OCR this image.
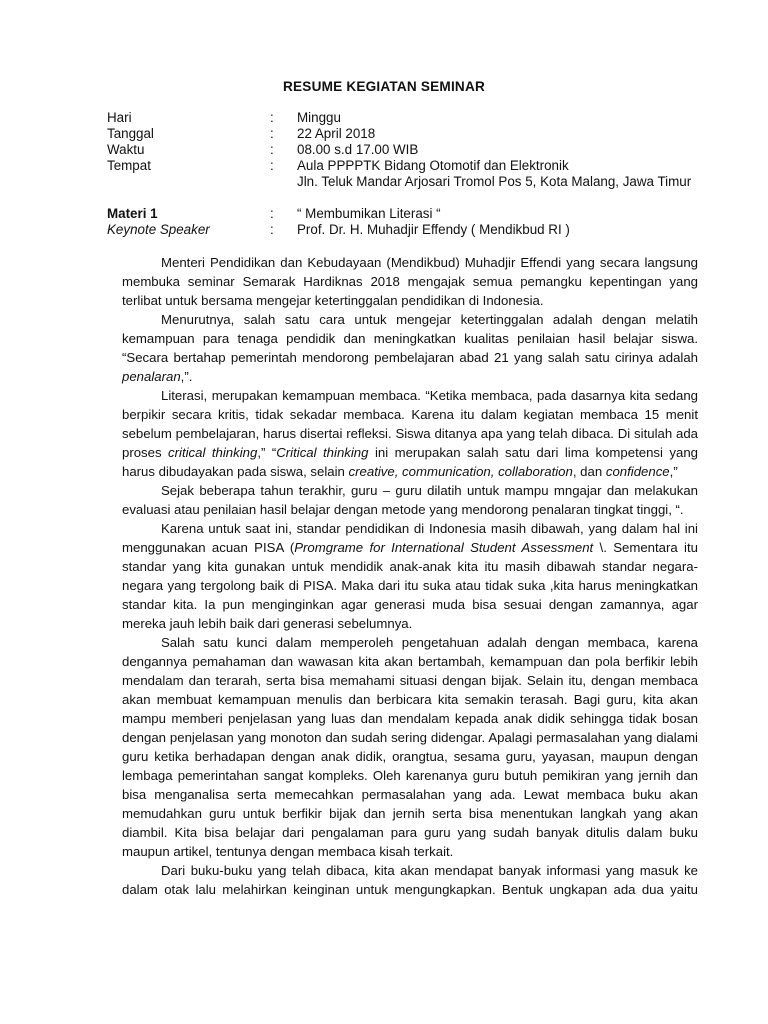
RESUME KEGIATAN SEMINAR
Hari	: Minggu
Tanggal	: 22 April 2018
Waktu	: 08.00 s.d 17.00 WIB
Tempat	: Aula PPPPTK Bidang Otomotif dan Elektronik
Jln. Teluk Mandar Arjosari Tromol Pos 5, Kota Malang, Jawa Timur
Materi 1	: “ Membumikan Literasi “
Keynote Speaker	: Prof. Dr. H. Muhadjir Effendy ( Mendikbud RI )

Menteri Pendidikan dan Kebudayaan (Mendikbud) Muhadjir Effendi yang secara langsung membuka seminar Semarak Hardiknas 2018 mengajak semua pemangku kepentingan yang terlibat untuk bersama mengejar ketertinggalan pendidikan di Indonesia.

Menurutnya, salah satu cara untuk mengejar ketertinggalan adalah dengan melatih kemampuan para tenaga pendidik dan meningkatkan kualitas penilaian hasil belajar siswa. “Secara bertahap pemerintah mendorong pembelajaran abad 21 yang salah satu cirinya adalah penalaran,”.

Literasi, merupakan kemampuan membaca. “Ketika membaca, pada dasarnya kita sedang berpikir secara kritis, tidak sekadar membaca. Karena itu dalam kegiatan membaca 15 menit sebelum pembelajaran, harus disertai refleksi. Siswa ditanya apa yang telah dibaca. Di situlah ada proses critical thinking,” “Critical thinking ini merupakan salah satu dari lima kompetensi yang harus dibudayakan pada siswa, selain creative, communication, collaboration, dan confidence,”

Sejak beberapa tahun terakhir, guru – guru dilatih untuk mampu mngajar dan melakukan evaluasi atau penilaian hasil belajar dengan metode yang mendorong penalaran tingkat tinggi, “.

Karena untuk saat ini, standar pendidikan di Indonesia masih dibawah, yang dalam hal ini menggunakan acuan PISA (Promgrame for International Student Assessment \. Sementara itu standar yang kita gunakan untuk mendidik anak-anak kita itu masih dibawah standar negara-negara yang tergolong baik di PISA. Maka dari itu suka atau tidak suka ,kita harus meningkatkan standar kita. Ia pun menginginkan agar generasi muda bisa sesuai dengan zamannya, agar mereka jauh lebih baik dari generasi sebelumnya.

Salah satu kunci dalam memperoleh pengetahuan adalah dengan membaca, karena dengannya pemahaman dan wawasan kita akan bertambah, kemampuan dan pola berfikir lebih mendalam dan terarah, serta bisa memahami situasi dengan bijak. Selain itu, dengan membaca akan membuat kemampuan menulis dan berbicara kita semakin terasah. Bagi guru, kita akan mampu memberi penjelasan yang luas dan mendalam kepada anak didik sehingga tidak bosan dengan penjelasan yang monoton dan sudah sering didengar. Apalagi permasalahan yang dialami guru ketika berhadapan dengan anak didik, orangtua, sesama guru, yayasan, maupun dengan lembaga pemerintahan sangat kompleks. Oleh karenanya guru butuh pemikiran yang jernih dan bisa menganalisa serta memecahkan permasalahan yang ada. Lewat membaca buku akan memudahkan guru untuk berfikir bijak dan jernih serta bisa menentukan langkah yang akan diambil. Kita bisa belajar dari pengalaman para guru yang sudah banyak ditulis dalam buku maupun artikel, tentunya dengan membaca kisah terkait.

Dari buku-buku yang telah dibaca, kita akan mendapat banyak informasi yang masuk ke dalam otak lalu melahirkan keinginan untuk mengungkapkan. Bentuk ungkapan ada dua yaitu
